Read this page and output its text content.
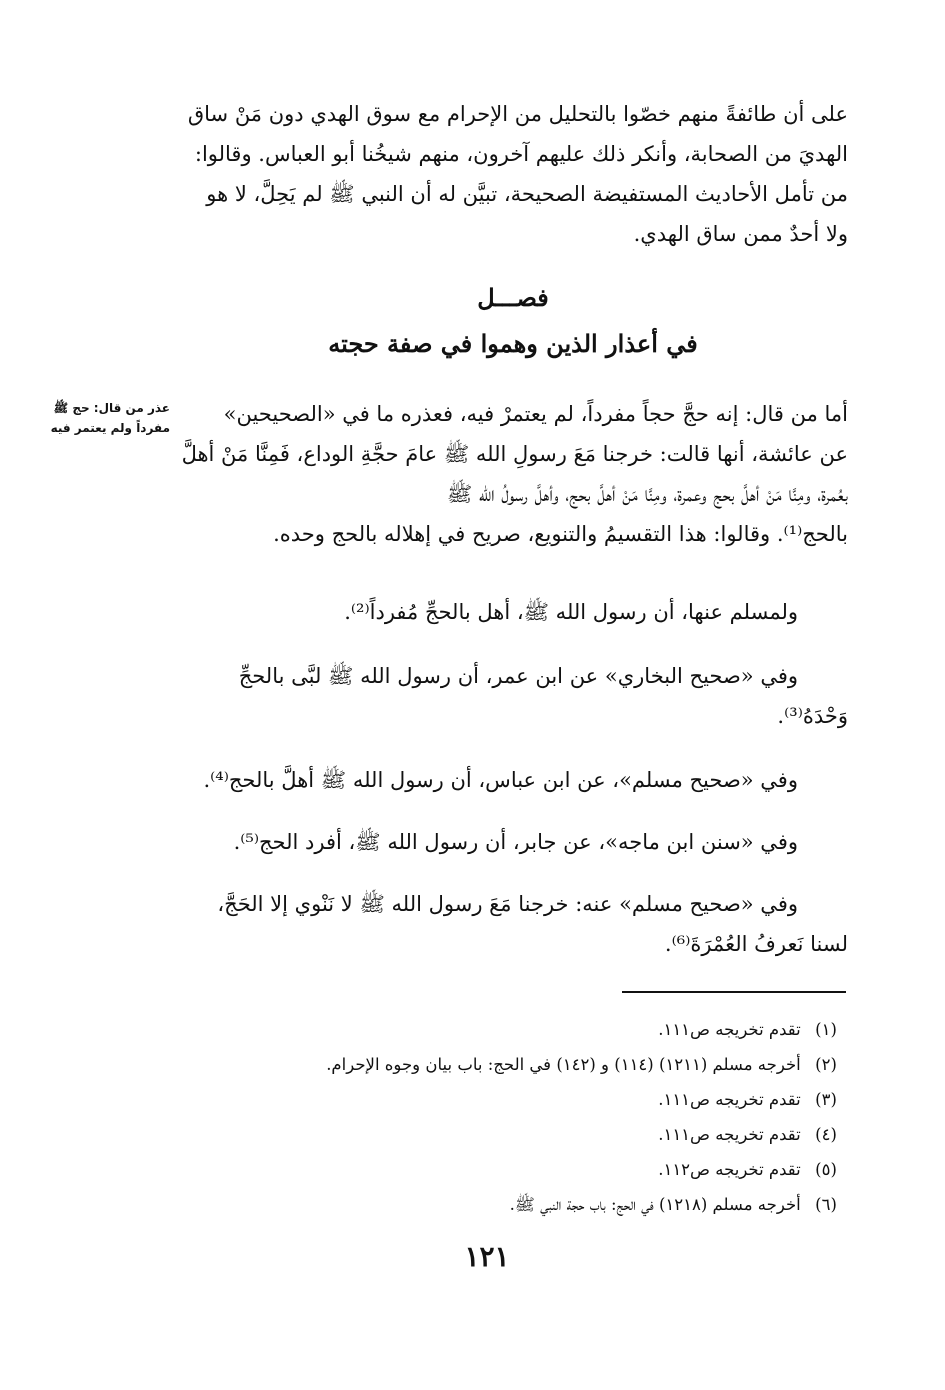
على أن طائفةً منهم خصّوا بالتحليل من الإحرام مع سوق الهدي دون مَنْ ساق

الهديَ من الصحابة، وأنكر ذلك عليهم آخرون، منهم شيخُنا أبو العباس. وقالوا:

من تأمل الأحاديث المستفيضة الصحيحة، تبيَّن له أن النبي ﷺ لم يَحِلَّ، لا هو

ولا أحدٌ ممن ساق الهدي.

فصـــل
في أعذار الذين وهموا في صفة حجته
عذر من قال: حج ﷺ
مفرداً ولم يعتمر فيه

أما من قال: إنه حجَّ حجاً مفرداً، لم يعتمرْ فيه، فعذره ما في «الصحيحين»

عن عائشة، أنها قالت: خرجنا مَعَ رسولِ الله ﷺ عامَ حجَّةِ الوداع، فَمِنَّا مَنْ أهلَّ

بعُمرة، ومِنَّا مَنْ أهلَّ بحج وعمرة، ومِنَّا مَنْ أهلَّ بحج، وأهلَّ رسولُ الله ﷺ

بالحج⁽¹⁾. وقالوا: هذا التقسيمُ والتنويع، صريح في إهلاله بالحج وحده.

ولمسلم عنها، أن رسول الله ﷺ، أهل بالحجِّ مُفرداً⁽²⁾.

وفي «صحيح البخاري» عن ابن عمر، أن رسول الله ﷺ لبَّى بالحجِّ

وَحْدَهُ⁽³⁾.

وفي «صحيح مسلم»، عن ابن عباس، أن رسول الله ﷺ أهلَّ بالحج⁽⁴⁾.

وفي «سنن ابن ماجه»، عن جابر، أن رسول الله ﷺ، أفرد الحج⁽⁵⁾.

وفي «صحيح مسلم» عنه: خرجنا مَعَ رسول الله ﷺ لا نَنْوي إلا الحَجَّ،

لسنا نَعرفُ العُمْرَةَ⁽⁶⁾.

(١) تقدم تخريجه ص١١١.
(٢) أخرجه مسلم (١٢١١) (١١٤) و (١٤٢) في الحج: باب بيان وجوه الإحرام.
(٣) تقدم تخريجه ص١١١.
(٤) تقدم تخريجه ص١١١.
(٥) تقدم تخريجه ص١١٢.
(٦) أخرجه مسلم (١٢١٨) في الحج: باب حجة النبي ﷺ.
١٢١
